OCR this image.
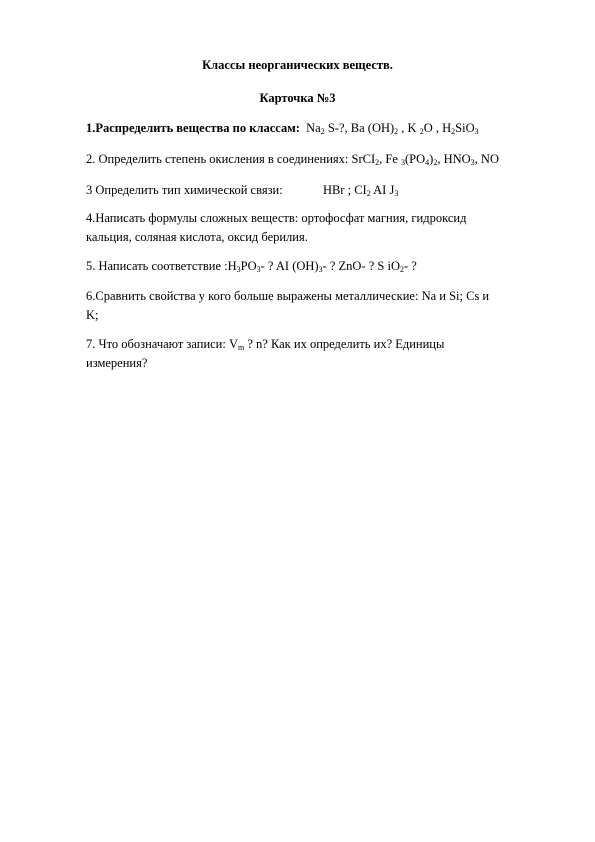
Классы неорганических веществ.
Карточка №3
1.Распределить вещества по классам: $Na_2$ S-?, Ba $(OH)_2$ , K $_2$O , $H_2SiO_3$
2. Определить степень окисления в соединениях: SrCI$_2$, Fe $_3(PO_4)_2$, $HNO_3$, NO
3 Определить тип химической связи:	HBr ; $CI_2$ AI $J_3$
4.Написать формулы сложных веществ: ортофосфат магния, гидроксид
кальция, соляная кислота, оксид берилия.
5. Написать соответствие $:H_3PO_3-$ ? AI $(OH)_3-$ ? ZnO- ? S $iO_2-$ ?
6.Сравнить свойства у кого больше выражены металлические: Na и Si; Cs и
K;
7. Что обозначают записи: $V_m$ ? n? Как их определить их? Единицы
измерения?
